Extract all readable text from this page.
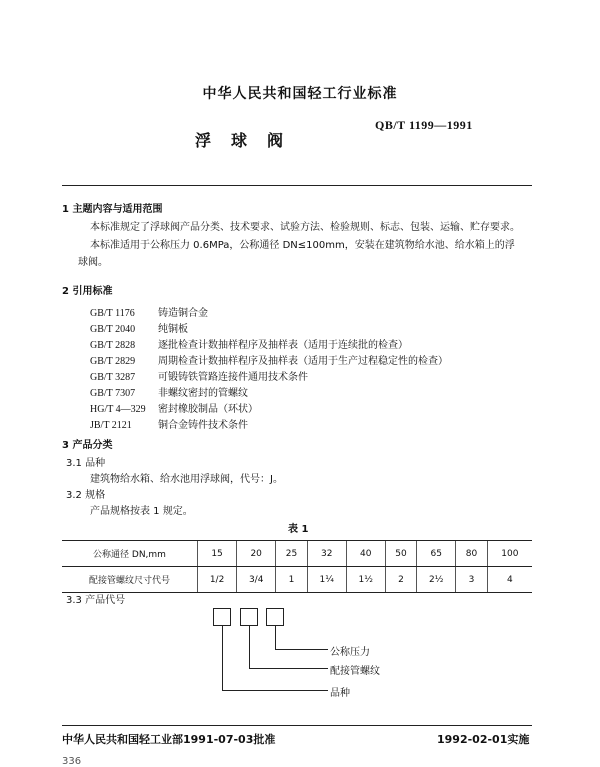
中华人民共和国轻工行业标准
浮球阀
QB/T 1199—1991
1 主题内容与适用范围
本标准规定了浮球阀产品分类、技术要求、试验方法、检验规则、标志、包装、运输、贮存要求。
本标准适用于公称压力 0.6MPa，公称通径 DN≤100mm，安装在建筑物给水池、给水箱上的浮
球阀。
2 引用标准
GB/T 1176 铸造铜合金
GB/T 2040 纯铜板
GB/T 2828 逐批检查计数抽样程序及抽样表（适用于连续批的检查）
GB/T 2829 周期检查计数抽样程序及抽样表（适用于生产过程稳定性的检查）
GB/T 3287 可锻铸铁管路连接件通用技术条件
GB/T 7307 非螺纹密封的管螺纹
HG/T 4—329 密封橡胶制品（环状）
JB/T 2121	铜合金铸件技术条件
3 产品分类
3.1 品种
建筑物给水箱、给水池用浮球阀，代号：J。
3.2 规格
产品规格按表 1 规定。
表 1
公称通径 DN,mm	15	20	25	32	40	50	65	80	100
配接管螺纹尺寸代号	1/2	3/4	1	1¼	1½	2	2½	3	4
3.3 产品代号
公称压力
配接管螺纹
品种
中华人民共和国轻工业部1991-07-03批准	1992-02-01实施
336
